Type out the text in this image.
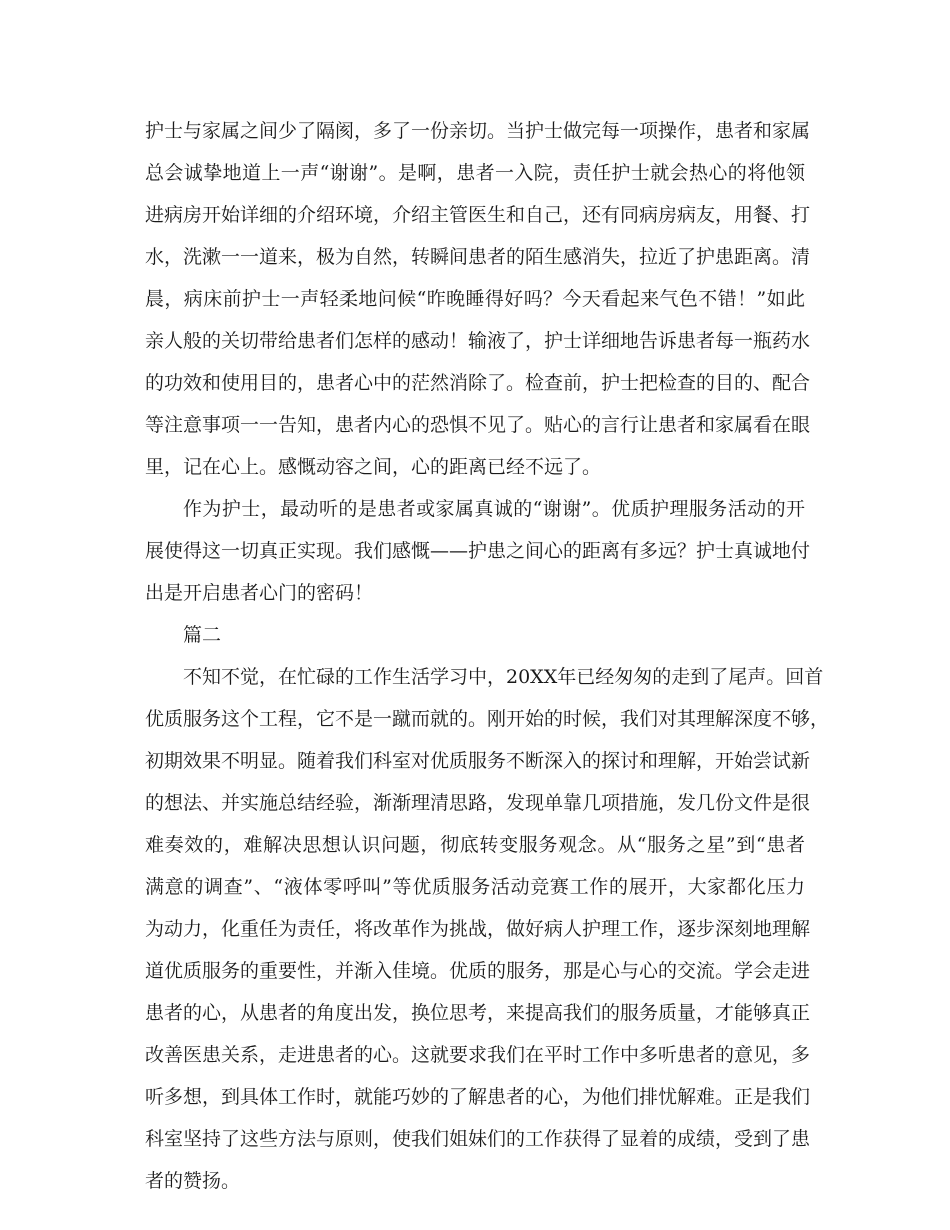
护士与家属之间少了隔阂，多了一份亲切。当护士做完每一项操作，患者和家属
总会诚挚地道上一声“谢谢”。是啊，患者一入院，责任护士就会热心的将他领
进病房开始详细的介绍环境，介绍主管医生和自己，还有同病房病友，用餐、打
水，洗漱一一道来，极为自然，转瞬间患者的陌生感消失，拉近了护患距离。清
晨，病床前护士一声轻柔地问候“昨晚睡得好吗？今天看起来气色不错！”如此
亲人般的关切带给患者们怎样的感动！输液了，护士详细地告诉患者每一瓶药水
的功效和使用目的，患者心中的茫然消除了。检查前，护士把检查的目的、配合
等注意事项一一告知，患者内心的恐惧不见了。贴心的言行让患者和家属看在眼
里，记在心上。感慨动容之间，心的距离已经不远了。
作为护士，最动听的是患者或家属真诚的“谢谢”。优质护理服务活动的开
展使得这一切真正实现。我们感慨——护患之间心的距离有多远？护士真诚地付
出是开启患者心门的密码！
篇二
不知不觉，在忙碌的工作生活学习中，20XX年已经匆匆的走到了尾声。回首
优质服务这个工程，它不是一蹴而就的。刚开始的时候，我们对其理解深度不够，
初期效果不明显。随着我们科室对优质服务不断深入的探讨和理解，开始尝试新
的想法、并实施总结经验，渐渐理清思路，发现单靠几项措施，发几份文件是很
难奏效的，难解决思想认识问题，彻底转变服务观念。从“服务之星”到“患者
满意的调查”、“液体零呼叫”等优质服务活动竞赛工作的展开，大家都化压力
为动力，化重任为责任，将改革作为挑战，做好病人护理工作，逐步深刻地理解
道优质服务的重要性，并渐入佳境。优质的服务，那是心与心的交流。学会走进
患者的心，从患者的角度出发，换位思考，来提高我们的服务质量，才能够真正
改善医患关系，走进患者的心。这就要求我们在平时工作中多听患者的意见，多
听多想，到具体工作时，就能巧妙的了解患者的心，为他们排忧解难。正是我们
科室坚持了这些方法与原则，使我们姐妹们的工作获得了显着的成绩，受到了患
者的赞扬。
